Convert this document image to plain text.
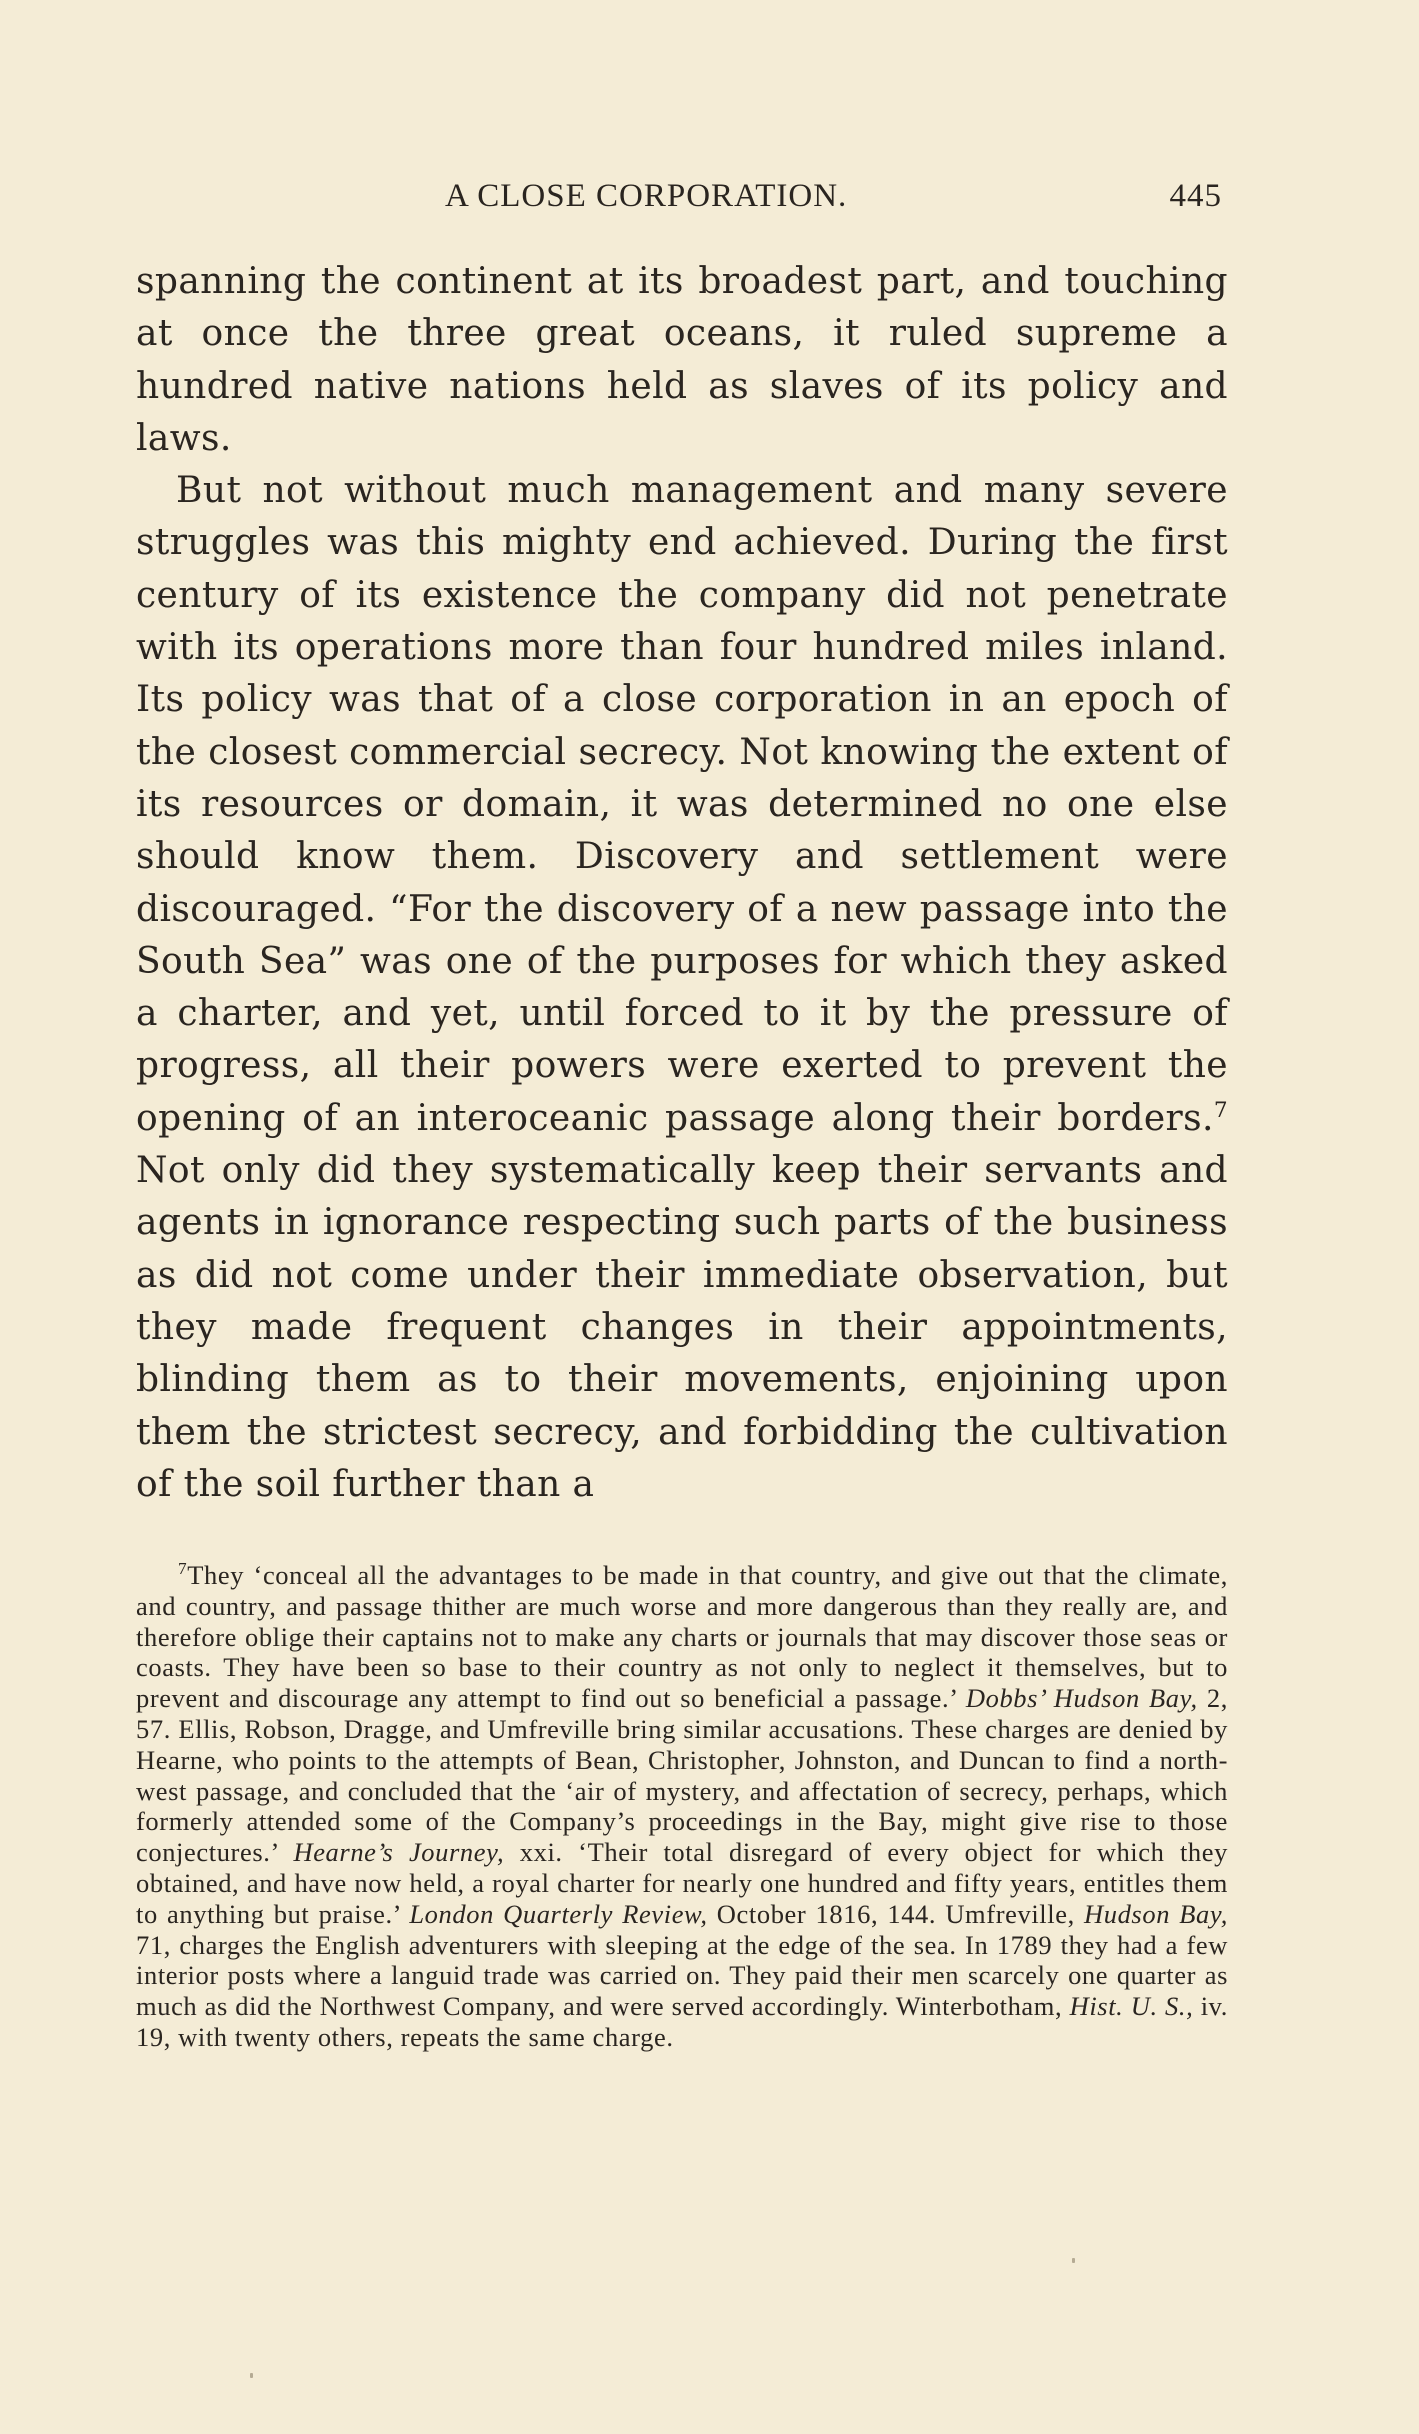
A CLOSE CORPORATION.	445

spanning the continent at its broadest part, and touching at once the three great oceans, it ruled supreme a hundred native nations held as slaves of its policy and laws.

But not without much management and many severe struggles was this mighty end achieved. During the first century of its existence the company did not penetrate with its operations more than four hundred miles inland. Its policy was that of a close corporation in an epoch of the closest commercial secrecy. Not knowing the extent of its resources or domain, it was determined no one else should know them. Discovery and settlement were discouraged. “For the discovery of a new passage into the South Sea” was one of the purposes for which they asked a charter, and yet, until forced to it by the pressure of progress, all their powers were exerted to prevent the opening of an interoceanic passage along their borders.$^7$ Not only did they systematically keep their servants and agents in ignorance respecting such parts of the business as did not come under their immediate observation, but they made frequent changes in their appointments, blinding them as to their movements, enjoining upon them the strictest secrecy, and forbidding the cultivation of the soil further than a

$^7$They ‘conceal all the advantages to be made in that country, and give out that the climate, and country, and passage thither are much worse and more dangerous than they really are, and therefore oblige their captains not to make any charts or journals that may discover those seas or coasts. They have been so base to their country as not only to neglect it themselves, but to prevent and discourage any attempt to find out so beneficial a passage.’ Dobbs’ Hudson Bay, 2, 57. Ellis, Robson, Dragge, and Umfreville bring similar accusations. These charges are denied by Hearne, who points to the attempts of Bean, Christopher, Johnston, and Duncan to find a north-west passage, and concluded that the ‘air of mystery, and affectation of secrecy, perhaps, which formerly attended some of the Company’s proceedings in the Bay, might give rise to those conjectures.’ Hearne’s Journey, xxi. ‘Their total disregard of every object for which they obtained, and have now held, a royal charter for nearly one hundred and fifty years, entitles them to anything but praise.’ London Quarterly Review, October 1816, 144. Umfreville, Hudson Bay, 71, charges the English adventurers with sleeping at the edge of the sea. In 1789 they had a few interior posts where a languid trade was carried on. They paid their men scarcely one quarter as much as did the Northwest Company, and were served accordingly. Winterbotham, Hist. U. S., iv. 19, with twenty others, repeats the same charge.
